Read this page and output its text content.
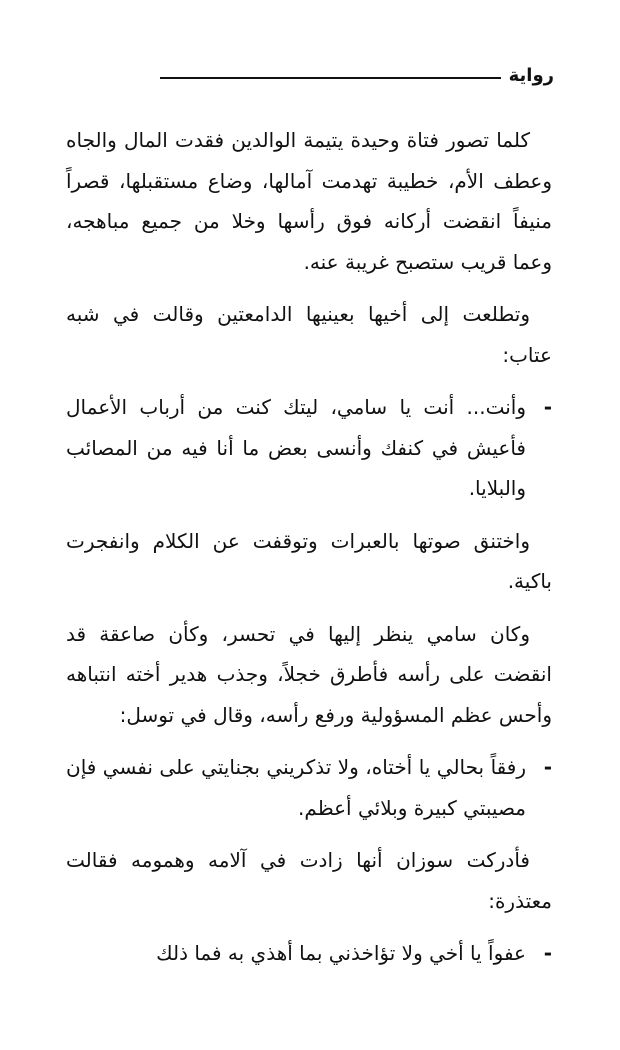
رواية

كلما تصور فتاة وحيدة يتيمة الوالدين فقدت المال والجاه وعطف الأم، خطيبة تهدمت آمالها، وضاع مستقبلها، قصراً منيفاً انقضت أركانه فوق رأسها وخلا من جميع مباهجه، وعما قريب ستصبح غريبة عنه.

وتطلعت إلى أخيها بعينيها الدامعتين وقالت في شبه عتاب:

-
وأنت... أنت يا سامي، ليتك كنت من أرباب الأعمال فأعيش في كنفك وأنسى بعض ما أنا فيه من المصائب والبلايا.

واختنق صوتها بالعبرات وتوقفت عن الكلام وانفجرت باكية.

وكان سامي ينظر إليها في تحسر، وكأن صاعقة قد انقضت على رأسه فأطرق خجلاً، وجذب هدير أخته انتباهه وأحس عظم المسؤولية ورفع رأسه، وقال في توسل:

-
رفقاً بحالي يا أختاه، ولا تذكريني بجنايتي على نفسي فإن مصيبتي كبيرة وبلائي أعظم.

فأدركت سوزان أنها زادت في آلامه وهمومه فقالت معتذرة:

-
عفواً يا أخي ولا تؤاخذني بما أهذي به فما ذلك
